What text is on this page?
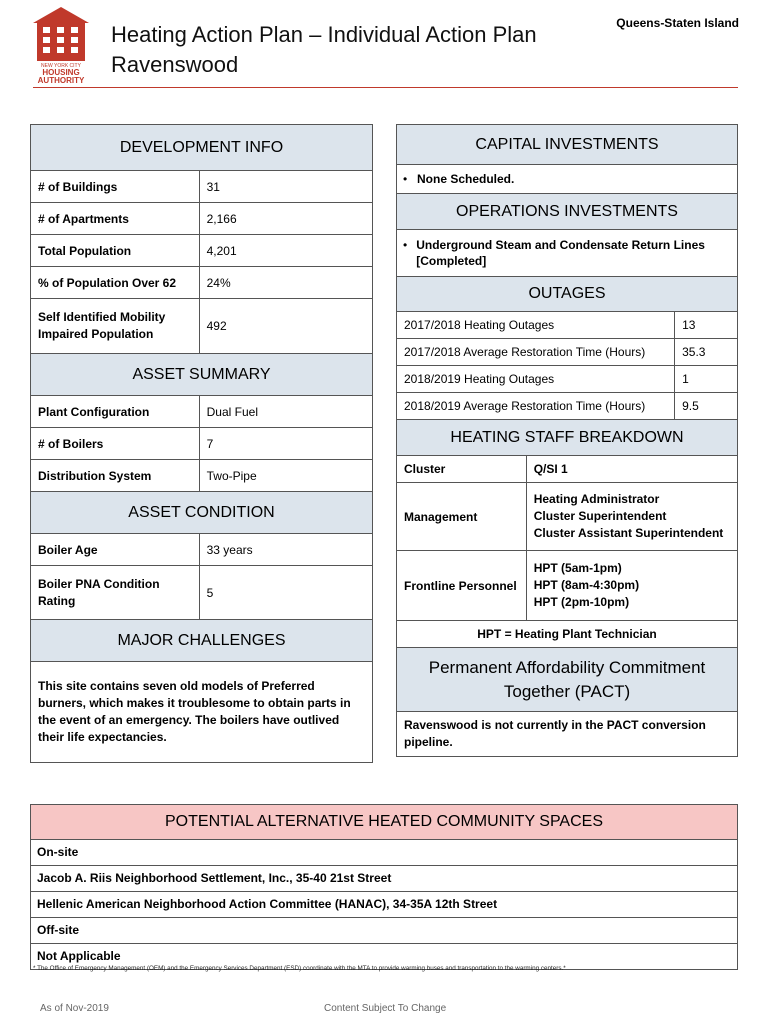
NEW YORK CITY
HOUSING
AUTHORITY
Heating Action Plan – Individual Action Plan
Ravenswood
Queens-Staten Island
DEVELOPMENT INFO	
# of Buildings	31
# of Apartments	2,166
Total Population	4,201
% of Population Over 62	24%
Self Identified Mobility Impaired Population	492
ASSET SUMMARY	
Plant Configuration	Dual Fuel
# of Boilers	7
Distribution System	Two-Pipe
ASSET CONDITION	
Boiler Age	33 years
Boiler PNA Condition Rating	5
MAJOR CHALLENGES	
This site contains seven old models of Preferred burners, which makes it troublesome to obtain parts in the event of an emergency. The boilers have outlived their life expectancies.	
CAPITAL INVESTMENTS		

• None Scheduled.		

OPERATIONS INVESTMENTS		

• Underground Steam and Condensate Return Lines [Completed]		

OUTAGES		
2017/2018 Heating Outages		13
2017/2018 Average Restoration Time (Hours)		35.3
2018/2019 Heating Outages		1
2018/2019 Average Restoration Time (Hours)		9.5
HEATING STAFF BREAKDOWN		
Cluster	Q/SI 1	
Management	Heating Administrator
Cluster Superintendent
Cluster Assistant Superintendent	

Frontline Personnel	HPT (5am-1pm)
HPT (8am-4:30pm)
HPT (2pm-10pm)	

HPT = Heating Plant Technician		
Permanent Affordability Commitment Together (PACT)		
Ravenswood is not currently in the PACT conversion pipeline.		
POTENTIAL ALTERNATIVE HEATED COMMUNITY SPACES
On-site
Jacob A. Riis Neighborhood Settlement, Inc., 35-40 21st Street
Hellenic American Neighborhood Action Committee (HANAC), 34-35A 12th Street
Off-site
Not Applicable
* The Office of Emergency Management (OEM) and the Emergency Services Department (ESD) coordinate with the MTA to provide warming buses and transportation to the warming centers.*
As of Nov-2019	Content Subject To Change
